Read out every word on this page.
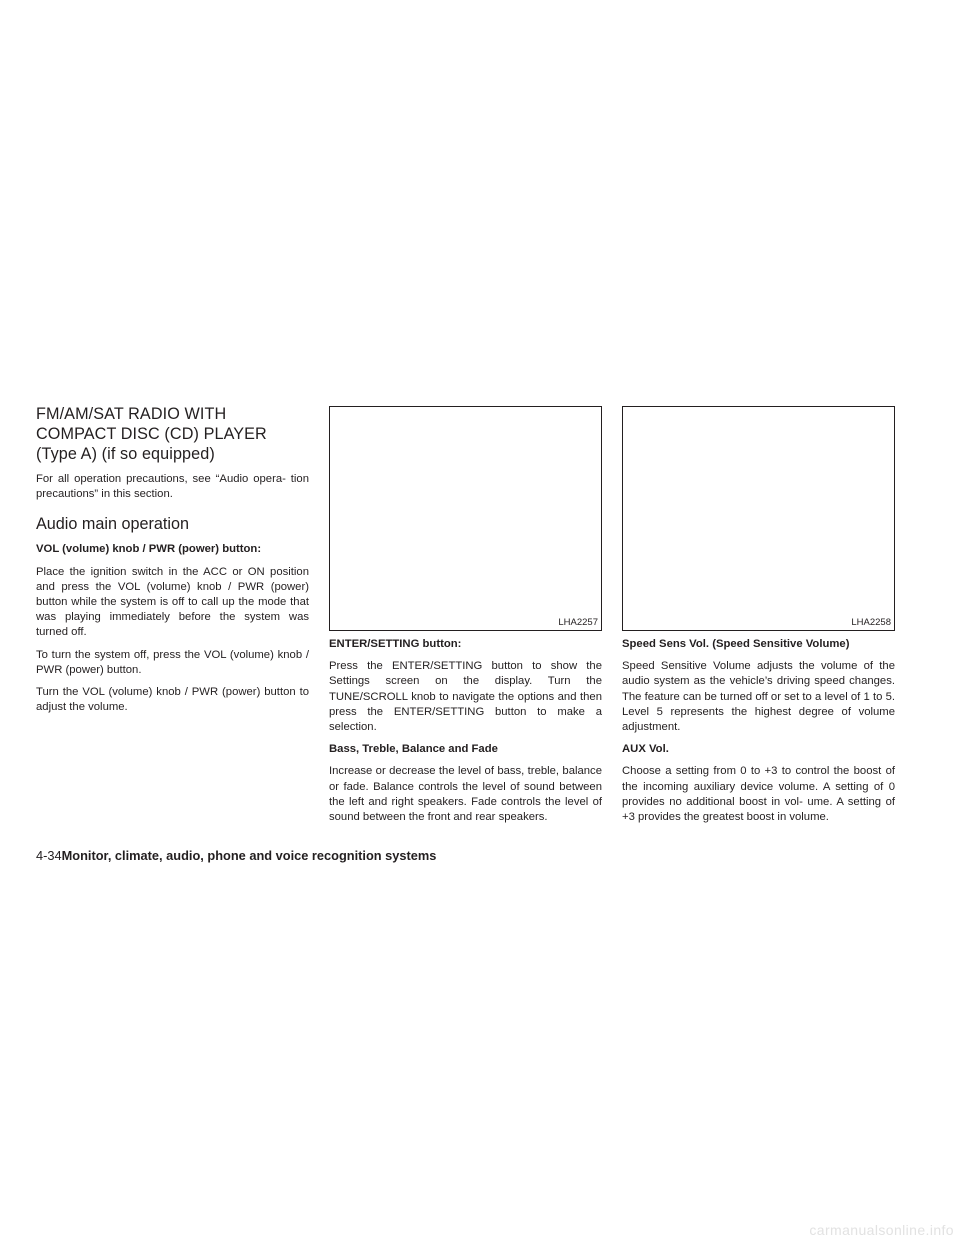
FM/AM/SAT RADIO WITH COMPACT DISC (CD) PLAYER (Type A) (if so equipped)

For all operation precautions, see “Audio opera- tion precautions” in this section.

Audio main operation
VOL (volume) knob / PWR (power) button:

Place the ignition switch in the ACC or ON position and press the VOL (volume) knob / PWR (power) button while the system is off to call up the mode that was playing immediately before the system was turned off.

To turn the system off, press the VOL (volume) knob / PWR (power) button.

Turn the VOL (volume) knob / PWR (power) button to adjust the volume.

LHA2257
ENTER/SETTING button:

Press the ENTER/SETTING button to show the Settings screen on the display. Turn the TUNE/SCROLL knob to navigate the options and then press the ENTER/SETTING button to make a selection.

Bass, Treble, Balance and Fade

Increase or decrease the level of bass, treble, balance or fade. Balance controls the level of sound between the left and right speakers. Fade controls the level of sound between the front and rear speakers.

LHA2258
Speed Sens Vol. (Speed Sensitive Volume)

Speed Sensitive Volume adjusts the volume of the audio system as the vehicle’s driving speed changes. The feature can be turned off or set to a level of 1 to 5. Level 5 represents the highest degree of volume adjustment.

AUX Vol.

Choose a setting from 0 to +3 to control the boost of the incoming auxiliary device volume. A setting of 0 provides no additional boost in vol- ume. A setting of +3 provides the greatest boost in volume.

4-34Monitor, climate, audio, phone and voice recognition systems
carmanualsonline.info
